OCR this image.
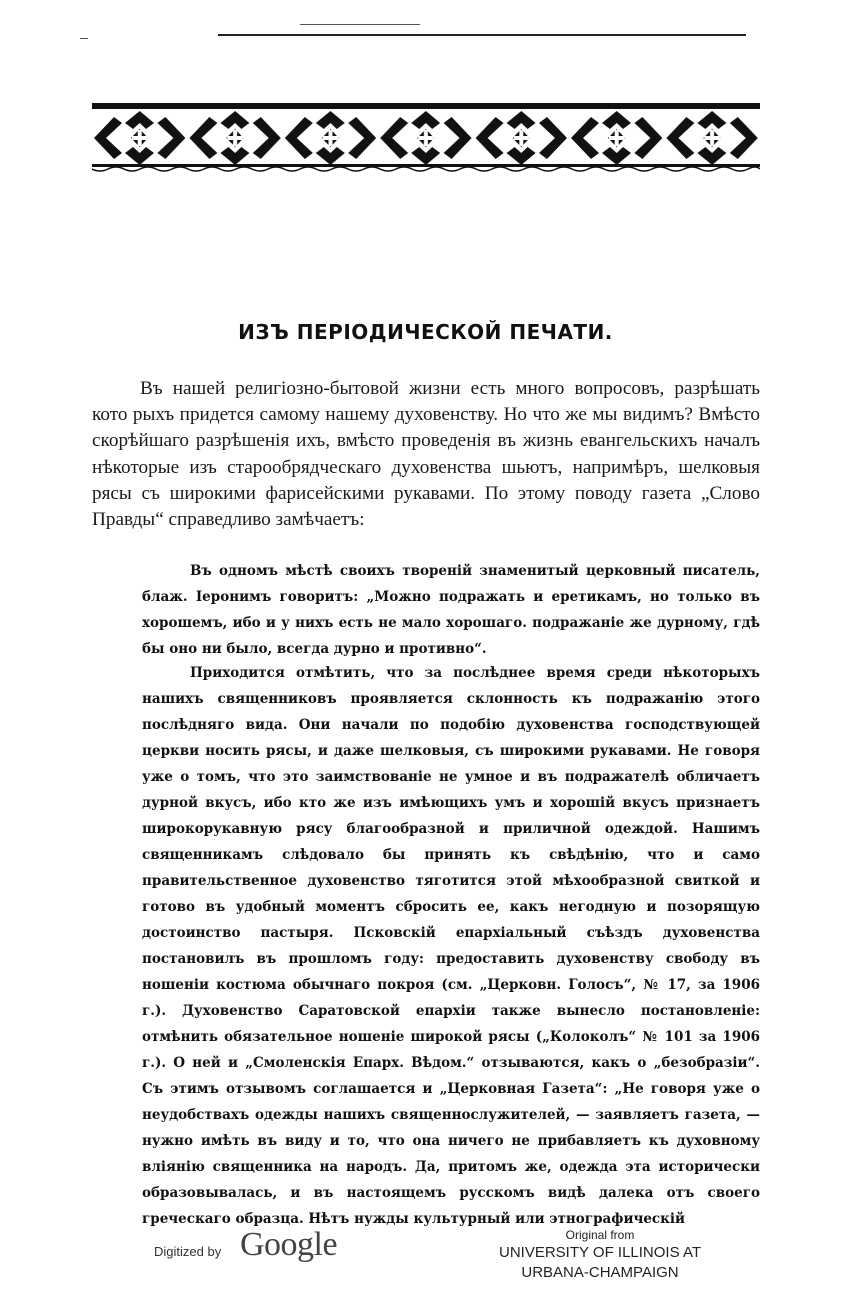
ИЗЪ ПЕРІОДИЧЕСКОЙ ПЕЧАТИ.

Въ нашей религіозно-бытовой жизни есть много вопросовъ, разрѣшать кото рыхъ придется самому нашему духовенству. Но что же мы видимъ? Вмѣсто скорѣйшаго разрѣшенія ихъ, вмѣсто проведенія въ жизнь евангельскихъ началъ нѣкоторые изъ старообрядческаго духовенства шьютъ, напримѣръ, шелковыя рясы съ широкими фарисейскими рукавами. По этому поводу газета „Слово Правды“ справедливо замѣчаетъ:

Въ одномъ мѣстѣ своихъ твореній знаменитый церковный писатель, блаж. Іеронимъ говоритъ: „Можно подражать и еретикамъ, но только въ хорошемъ, ибо и у нихъ есть не мало хорошаго. подражаніе же дурному, гдѣ бы оно ни было, всегда дурно и противно“.

Приходится отмѣтить, что за послѣднее время среди нѣкоторыхъ нашихъ священниковъ проявляется склонность къ подражанію этого послѣдняго вида. Они начали по подобію духовенства господствующей церкви носить рясы, и даже шелковыя, съ широкими рукавами. Не говоря уже о томъ, что это заимствованіе не умное и въ подражателѣ обличаетъ дурной вкусъ, ибо кто же изъ имѣющихъ умъ и хорошій вкусъ признаетъ широкорукавную рясу благообразной и приличной одеждой. Нашимъ священникамъ слѣдовало бы принять къ свѣдѣнію, что и само правительственное духовенство тяготится этой мѣхообразной свиткой и готово въ удобный моментъ сбросить ее, какъ негодную и позорящую достоинство пастыря. Псковскій епархіальный съѣздъ духовенства постановилъ въ прошломъ году: предоставить духовенству свободу въ ношеніи костюма обычнаго покроя (см. „Церковн. Голосъ“, № 17, за 1906 г.). Духовенство Саратовской епархіи также вынесло постановленіе: отмѣнить обязательное ношеніе широкой рясы („Колоколъ“ № 101 за 1906 г.). О ней и „Смоленскія Епарх. Вѣдом.“ отзываются, какъ о „безобразіи“. Съ этимъ отзывомъ соглашается и „Церковная Газета“: „Не говоря уже о неудобствахъ одежды нашихъ священнослужителей, — заявляетъ газета, — нужно имѣть въ виду и то, что она ничего не прибавляетъ къ духовному вліянію священника на народъ. Да, притомъ же, одежда эта исторически образовывалась, и въ настоящемъ русскомъ видѣ далека отъ своего греческаго образца. Нѣтъ нужды культурный или этнографическій

Digitized by Google	Original from
UNIVERSITY OF ILLINOIS AT
URBANA-CHAMPAIGN
